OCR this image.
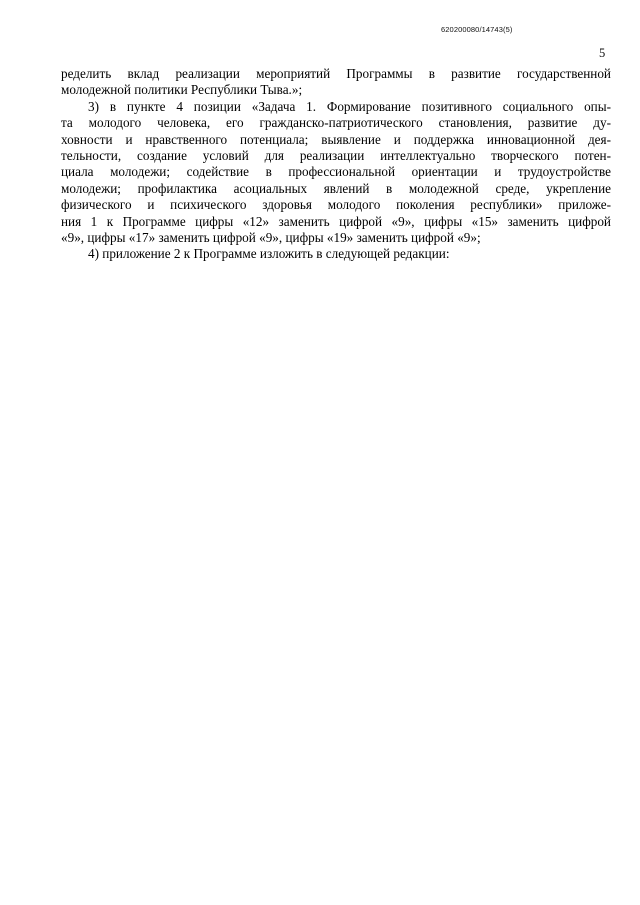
620200080/14743(5)
5
ределить вклад реализации мероприятий Программы в развитие государственной
молодежной политики Республики Тыва.»;
3) в пункте 4 позиции «Задача 1. Формирование позитивного социального опы-
та молодого человека, его гражданско-патриотического становления, развитие ду-
ховности и нравственного потенциала; выявление и поддержка инновационной дея-
тельности, создание условий для реализации интеллектуально творческого потен-
циала молодежи; содействие в профессиональной ориентации и трудоустройстве
молодежи; профилактика асоциальных явлений в молодежной среде, укрепление
физического и психического здоровья молодого поколения республики» приложе-
ния 1 к Программе цифры «12» заменить цифрой «9», цифры «15» заменить цифрой
«9», цифры «17» заменить цифрой «9», цифры «19» заменить цифрой «9»;
4) приложение 2 к Программе изложить в следующей редакции:
